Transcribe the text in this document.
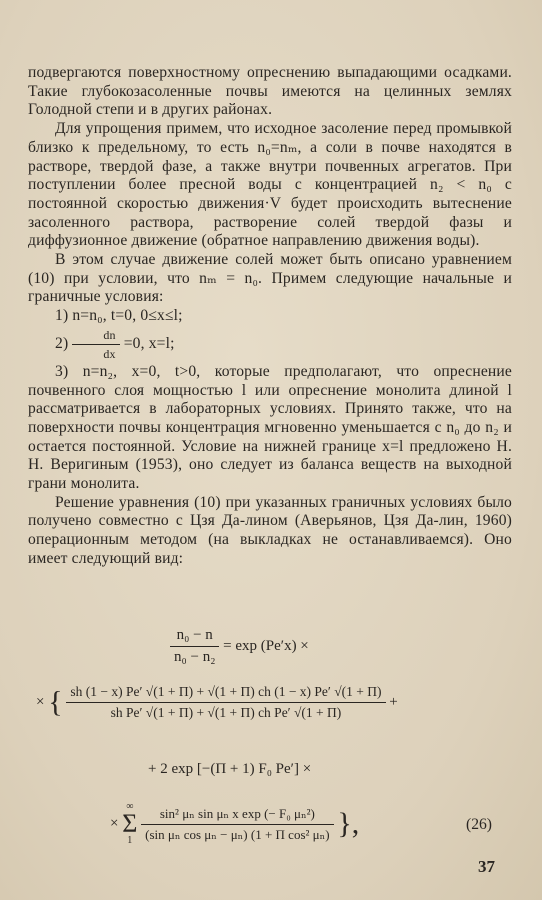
подвергаются поверхностному опреснению выпадающими осадками. Такие глубокозасоленные почвы имеются на целинных землях Голодной степи и в других районах.

Для упрощения примем, что исходное засоление перед промывкой близко к предельному, то есть n₀=nₘ, а соли в почве находятся в растворе, твердой фазе, а также внутри почвенных агрегатов. При поступлении более пресной воды с концентрацией n₂ < n₀ с постоянной скоростью движения·V будет происходить вытеснение засоленного раствора, растворение солей твердой фазы и диффузионное движение (обратное направлению движения воды).

В этом случае движение солей может быть описано уравнением (10) при условии, что nₘ = n₀. Примем следующие начальные и граничные условия:

1) n=n₀, t=0, 0≤x≤l;

$2) \frac{dn}{dx} =0$, x=l;

3) n=n₂, x=0, t>0, которые предполагают, что опреснение почвенного слоя мощностью l или опреснение монолита длиной l рассматривается в лабораторных условиях. Принято также, что на поверхности почвы концентрация мгновенно уменьшается с n₀ до n₂ и остается постоянной. Условие на нижней границе x=l предложено Н. Н. Веригиным (1953), оно следует из баланса веществ на выходной грани монолита.

Решение уравнения (10) при указанных граничных условиях было получено совместно с Цзя Да-лином (Аверьянов, Цзя Да-лин, 1960) операционным методом (на выкладках не останавливаемся). Оно имеет следующий вид:

$\frac{\text{n₀ − n}}{\text{n₀ − n₂}} = \exp (Pe'x)$ ×
× { $\frac{sh (1 - x) Pe' √(1 + \Pi) + √(1 + \Pi) ch (1 - x) Pe' √(1 + \Pi)}{\text{sh Pe′ √(1 + Π) + √(1 + Π) ch Pe′ √(1 + Π)}}$ +
+ 2 exp [−(Π + 1) F₀ Pe′] ×
×
∞
Σ
1
$\frac{\text{sin² μₙ sin μₙ x exp (− F₀ μₙ²)}}{\text{(sin μₙ cos μₙ − μₙ) (1 + Π cos² μₙ)}}$ },	(26)
37
